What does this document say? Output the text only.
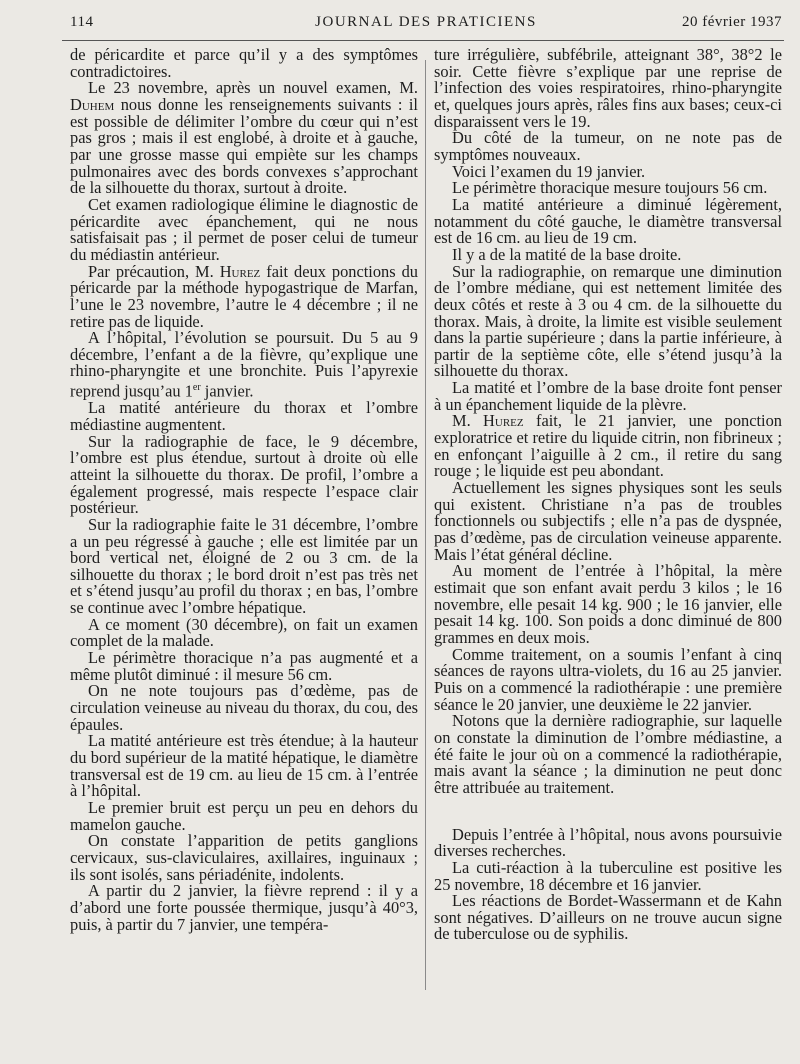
114	JOURNAL DES PRATICIENS	20 février 1937

de péricardite et parce qu’il y a des symptômes contradictoires.

Le 23 novembre, après un nouvel examen, M. Duhem nous donne les renseignements suivants : il est possible de délimiter l’ombre du cœur qui n’est pas gros ; mais il est englobé, à droite et à gauche, par une grosse masse qui empiète sur les champs pulmonaires avec des bords convexes s’approchant de la silhouette du thorax, surtout à droite.

Cet examen radiologique élimine le diagnostic de péricardite avec épanchement, qui ne nous satisfaisait pas ; il permet de poser celui de tumeur du médiastin antérieur.

Par précaution, M. Hurez fait deux ponctions du péricarde par la méthode hypogastrique de Marfan, l’une le 23 novembre, l’autre le 4 décembre ; il ne retire pas de liquide.

A l’hôpital, l’évolution se poursuit. Du 5 au 9 décembre, l’enfant a de la fièvre, qu’explique une rhino-pharyngite et une bronchite. Puis l’apyrexie reprend jusqu’au 1er janvier.

La matité antérieure du thorax et l’ombre médiastine augmentent.

Sur la radiographie de face, le 9 décembre, l’ombre est plus étendue, surtout à droite où elle atteint la silhouette du thorax. De profil, l’ombre a également progressé, mais respecte l’espace clair postérieur.

Sur la radiographie faite le 31 décembre, l’ombre a un peu régressé à gauche ; elle est limitée par un bord vertical net, éloigné de 2 ou 3 cm. de la silhouette du thorax ; le bord droit n’est pas très net et s’étend jusqu’au profil du thorax ; en bas, l’ombre se continue avec l’ombre hépatique.

A ce moment (30 décembre), on fait un examen complet de la malade.

Le périmètre thoracique n’a pas augmenté et a même plutôt diminué : il mesure 56 cm.

On ne note toujours pas d’œdème, pas de circulation veineuse au niveau du thorax, du cou, des épaules.

La matité antérieure est très étendue; à la hauteur du bord supérieur de la matité hépatique, le diamètre transversal est de 19 cm. au lieu de 15 cm. à l’entrée à l’hôpital.

Le premier bruit est perçu un peu en dehors du mamelon gauche.

On constate l’apparition de petits ganglions cervicaux, sus-claviculaires, axillaires, inguinaux ; ils sont isolés, sans périadénite, indolents.

A partir du 2 janvier, la fièvre reprend : il y a d’abord une forte poussée thermique, jusqu’à 40°3, puis, à partir du 7 janvier, une tempéra-

ture irrégulière, subfébrile, atteignant 38°, 38°2 le soir. Cette fièvre s’explique par une reprise de l’infection des voies respiratoires, rhino-pharyngite et, quelques jours après, râles fins aux bases; ceux-ci disparaissent vers le 19.

Du côté de la tumeur, on ne note pas de symptômes nouveaux.

Voici l’examen du 19 janvier.

Le périmètre thoracique mesure toujours 56 cm.

La matité antérieure a diminué légèrement, notamment du côté gauche, le diamètre transversal est de 16 cm. au lieu de 19 cm.

Il y a de la matité de la base droite.

Sur la radiographie, on remarque une diminution de l’ombre médiane, qui est nettement limitée des deux côtés et reste à 3 ou 4 cm. de la silhouette du thorax. Mais, à droite, la limite est visible seulement dans la partie supérieure ; dans la partie inférieure, à partir de la septième côte, elle s’étend jusqu’à la silhouette du thorax.

La matité et l’ombre de la base droite font penser à un épanchement liquide de la plèvre.

M. Hurez fait, le 21 janvier, une ponction exploratrice et retire du liquide citrin, non fibrineux ; en enfonçant l’aiguille à 2 cm., il retire du sang rouge ; le liquide est peu abondant.

Actuellement les signes physiques sont les seuls qui existent. Christiane n’a pas de troubles fonctionnels ou subjectifs ; elle n’a pas de dyspnée, pas d’œdème, pas de circulation veineuse apparente. Mais l’état général décline.

Au moment de l’entrée à l’hôpital, la mère estimait que son enfant avait perdu 3 kilos ; le 16 novembre, elle pesait 14 kg. 900 ; le 16 janvier, elle pesait 14 kg. 100. Son poids a donc diminué de 800 grammes en deux mois.

Comme traitement, on a soumis l’enfant à cinq séances de rayons ultra-violets, du 16 au 25 janvier. Puis on a commencé la radiothérapie : une première séance le 20 janvier, une deuxième le 22 janvier.

Notons que la dernière radiographie, sur laquelle on constate la diminution de l’ombre médiastine, a été faite le jour où on a commencé la radiothérapie, mais avant la séance ; la diminution ne peut donc être attribuée au traitement.

Depuis l’entrée à l’hôpital, nous avons poursuivie diverses recherches.

La cuti-réaction à la tuberculine est positive les 25 novembre, 18 décembre et 16 janvier.

Les réactions de Bordet-Wassermann et de Kahn sont négatives. D’ailleurs on ne trouve aucun signe de tuberculose ou de syphilis.
